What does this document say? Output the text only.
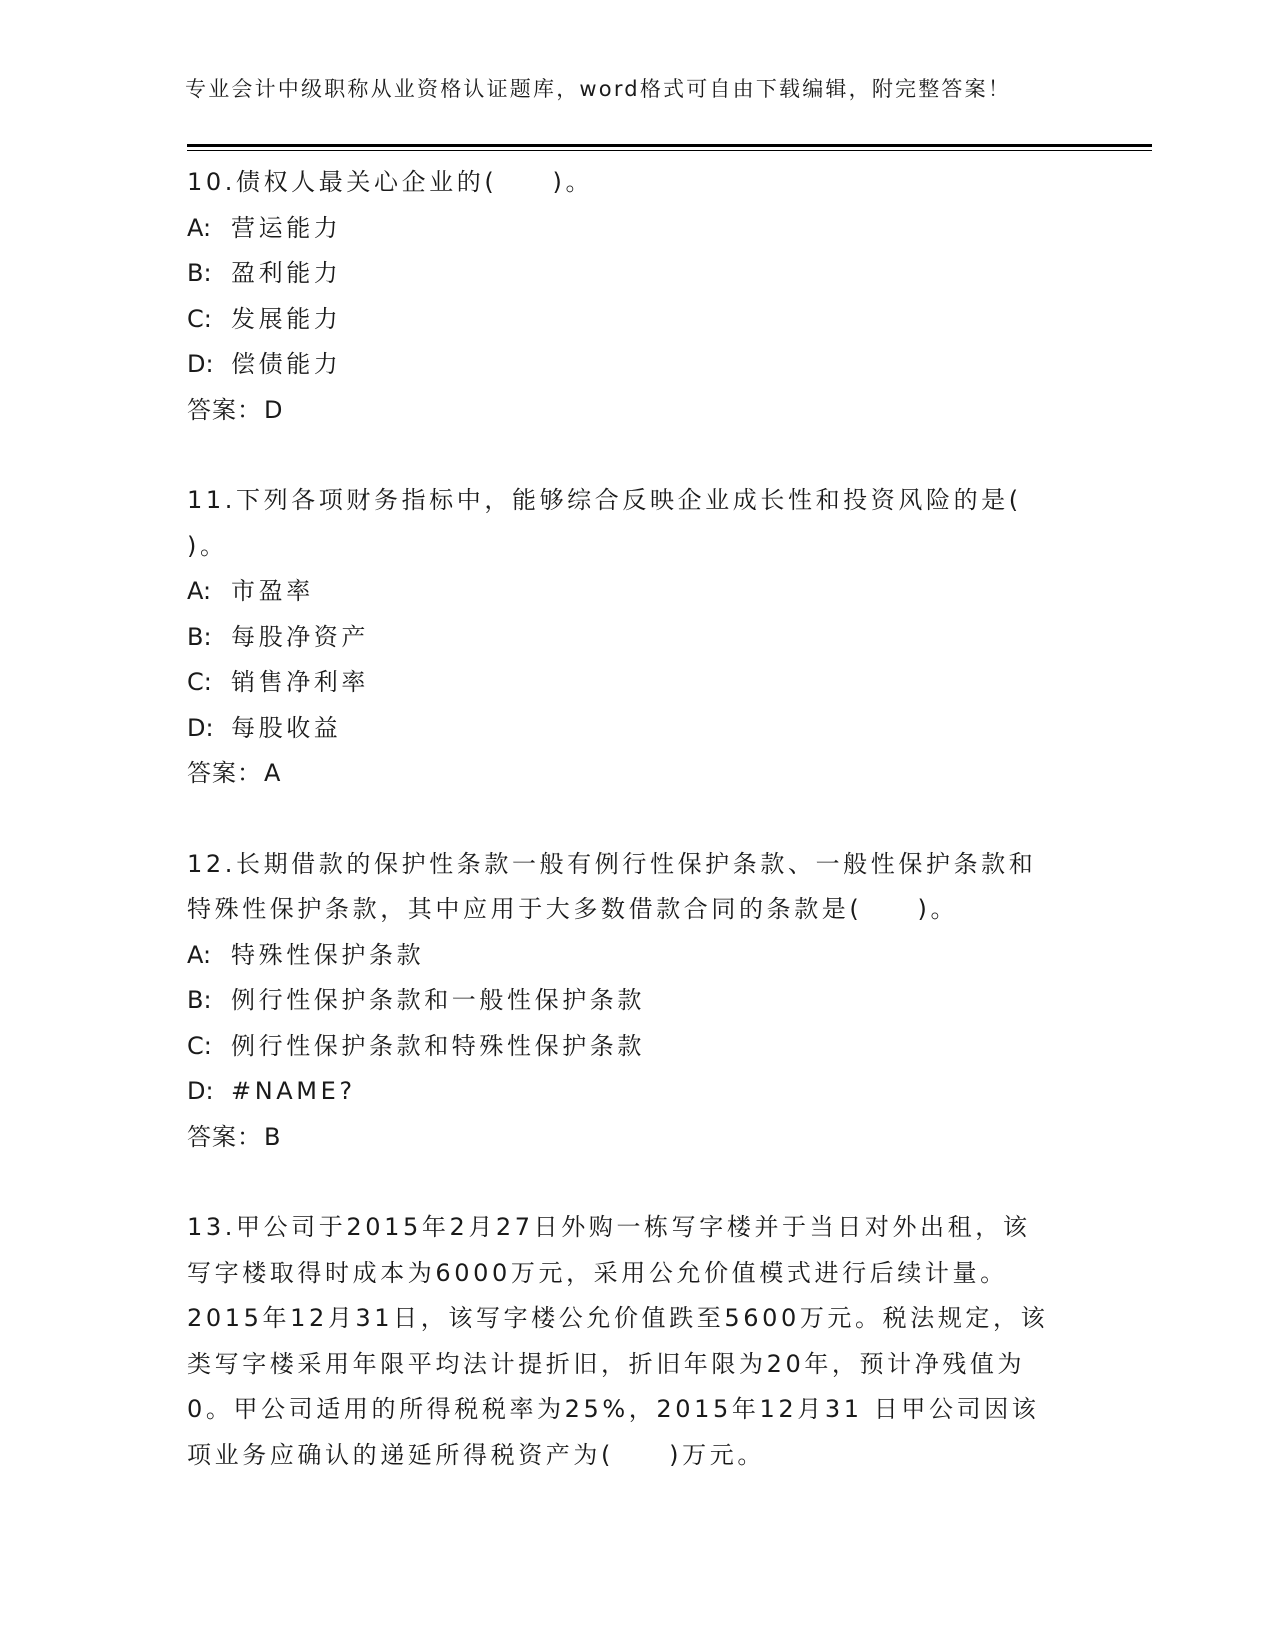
专业会计中级职称从业资格认证题库，word格式可自由下载编辑，附完整答案！
10.债权人最关心企业的(　　)。
A: 营运能力
B: 盈利能力
C: 发展能力
D: 偿债能力
答案：D
11.下列各项财务指标中，能够综合反映企业成长性和投资风险的是(
)。
A: 市盈率
B: 每股净资产
C: 销售净利率
D: 每股收益
答案：A
12.长期借款的保护性条款一般有例行性保护条款、一般性保护条款和
特殊性保护条款，其中应用于大多数借款合同的条款是(　　)。
A: 特殊性保护条款
B: 例行性保护条款和一般性保护条款
C: 例行性保护条款和特殊性保护条款
D: #NAME?
答案：B
13.甲公司于2015年2月27日外购一栋写字楼并于当日对外出租，该
写字楼取得时成本为6000万元，采用公允价值模式进行后续计量。
2015年12月31日，该写字楼公允价值跌至5600万元。税法规定，该
类写字楼采用年限平均法计提折旧，折旧年限为20年，预计净残值为
0。甲公司适用的所得税税率为25%，2015年12月31 日甲公司因该
项业务应确认的递延所得税资产为(　　)万元。
